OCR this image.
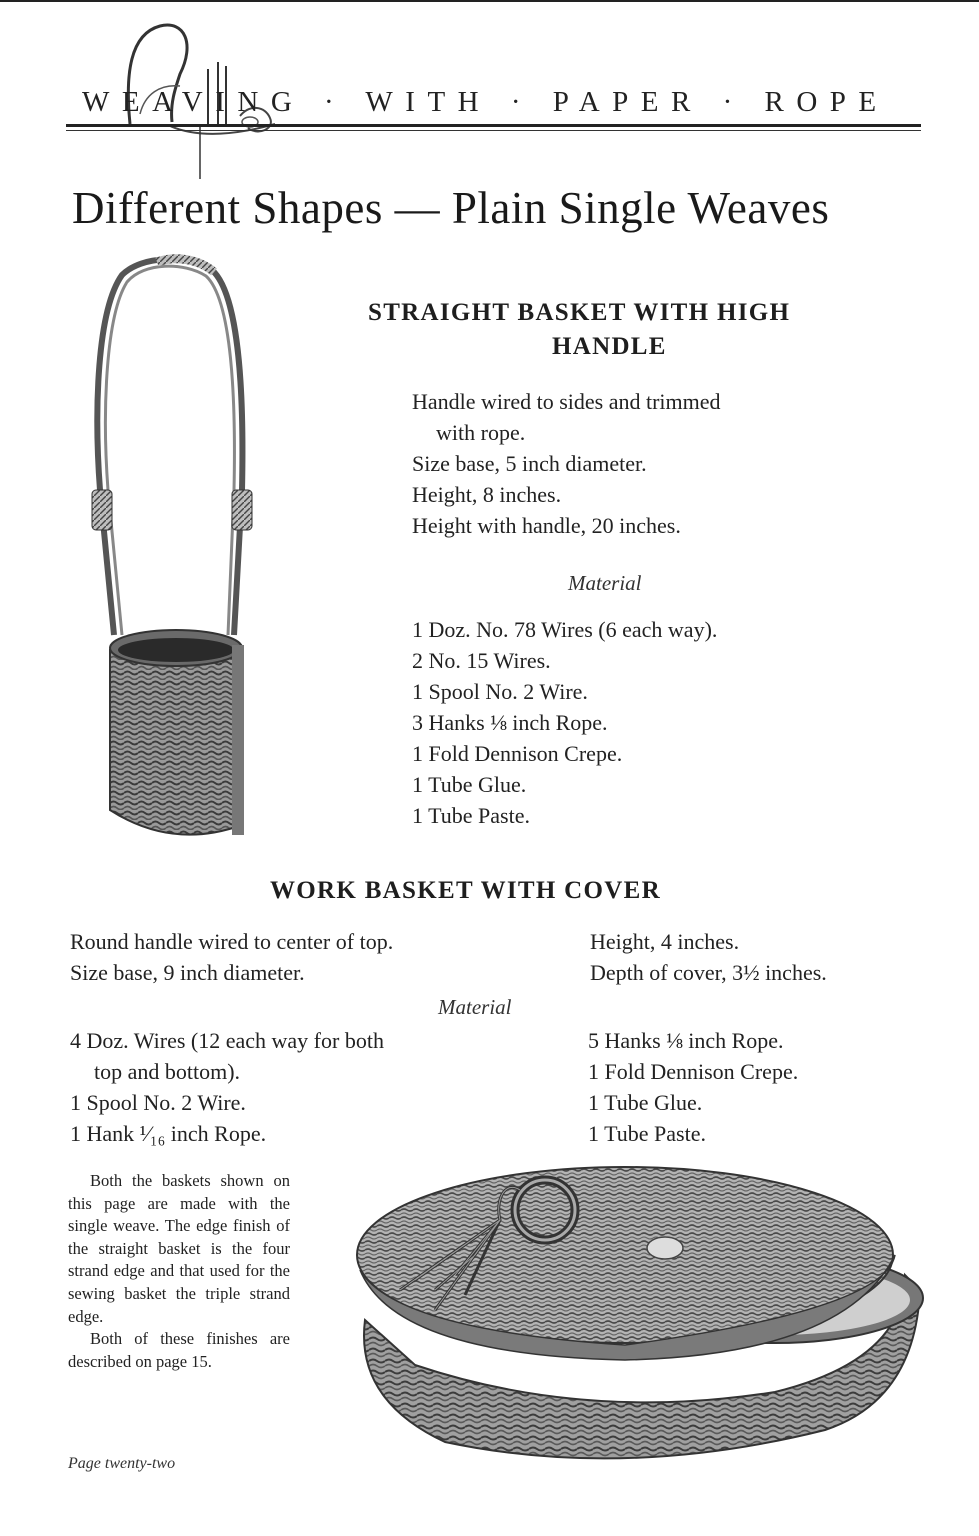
WEAVING · WITH · PAPER · ROPE
Different Shapes — Plain Single Weaves
STRAIGHT BASKET WITH HIGH
HANDLE
Handle wired to sides and trimmed
with rope.
Size base, 5 inch diameter.
Height, 8 inches.
Height with handle, 20 inches.
Material
1 Doz. No. 78 Wires (6 each way).
2 No. 15 Wires.
1 Spool No. 2 Wire.
3 Hanks ⅛ inch Rope.
1 Fold Dennison Crepe.
1 Tube Glue.
1 Tube Paste.
WORK BASKET WITH COVER
Round handle wired to center of top.
Size base, 9 inch diameter.
Height, 4 inches.
Depth of cover, 3½ inches.
Material
4 Doz. Wires (12 each way for both
top and bottom).
1 Spool No. 2 Wire.
1 Hank ¹⁄₁₆ inch Rope.
5 Hanks ⅛ inch Rope.
1 Fold Dennison Crepe.
1 Tube Glue.
1 Tube Paste.
Both the baskets shown on this page are made with the single weave. The edge finish of the straight basket is the four strand edge and that used for the sewing basket the triple strand edge.
Both of these finishes are described on page 15.
Page twenty-two
